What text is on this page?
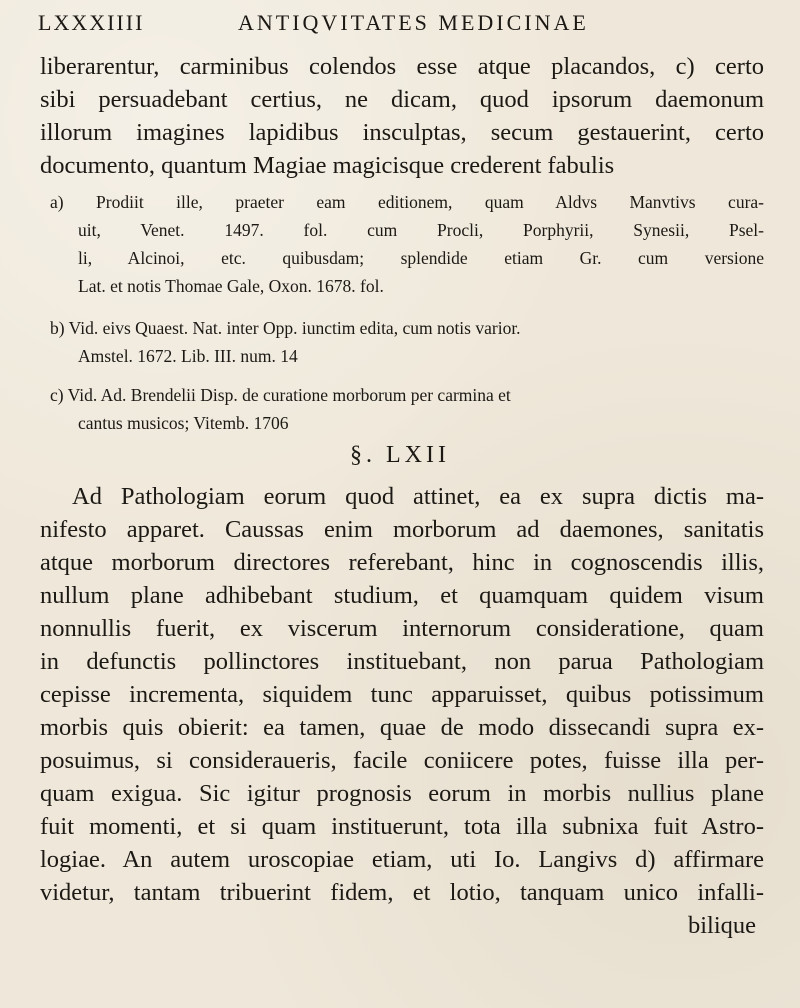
LXXXIIII	ANTIQVITATES MEDICINAE
liberarentur, carminibus colendos esse atque placandos, c) certo
sibi persuadebant certius, ne dicam, quod ipsorum daemonum
illorum imagines lapidibus insculptas, secum gestauerint, certo
documento, quantum Magiae magicisque crederent fabulis
a) Prodiit ille, praeter eam editionem, quam Aldvs Manvtivs cura-
uit, Venet. 1497. fol. cum Procli, Porphyrii, Synesii, Psel-
li, Alcinoi, etc. quibusdam; splendide etiam Gr. cum versione
Lat. et notis Thomae Gale, Oxon. 1678. fol.
b) Vid. eivs Quaest. Nat. inter Opp. iunctim edita, cum notis varior.
Amstel. 1672. Lib. III. num. 14
c) Vid. Ad. Brendelii Disp. de curatione morborum per carmina et
cantus musicos; Vitemb. 1706
§. LXII
Ad Pathologiam eorum quod attinet, ea ex supra dictis ma-
nifesto apparet. Caussas enim morborum ad daemones, sanitatis
atque morborum directores referebant, hinc in cognoscendis illis,
nullum plane adhibebant studium, et quamquam quidem visum
nonnullis fuerit, ex viscerum internorum consideratione, quam
in defunctis pollinctores instituebant, non parua Pathologiam
cepisse incrementa, siquidem tunc apparuisset, quibus potissimum
morbis quis obierit: ea tamen, quae de modo dissecandi supra ex-
posuimus, si consideraueris, facile coniicere potes, fuisse illa per-
quam exigua. Sic igitur prognosis eorum in morbis nullius plane
fuit momenti, et si quam instituerunt, tota illa subnixa fuit Astro-
logiae. An autem uroscopiae etiam, uti Io. Langivs d) affirmare
videtur, tantam tribuerint fidem, et lotio, tanquam unico infalli-
bilique
